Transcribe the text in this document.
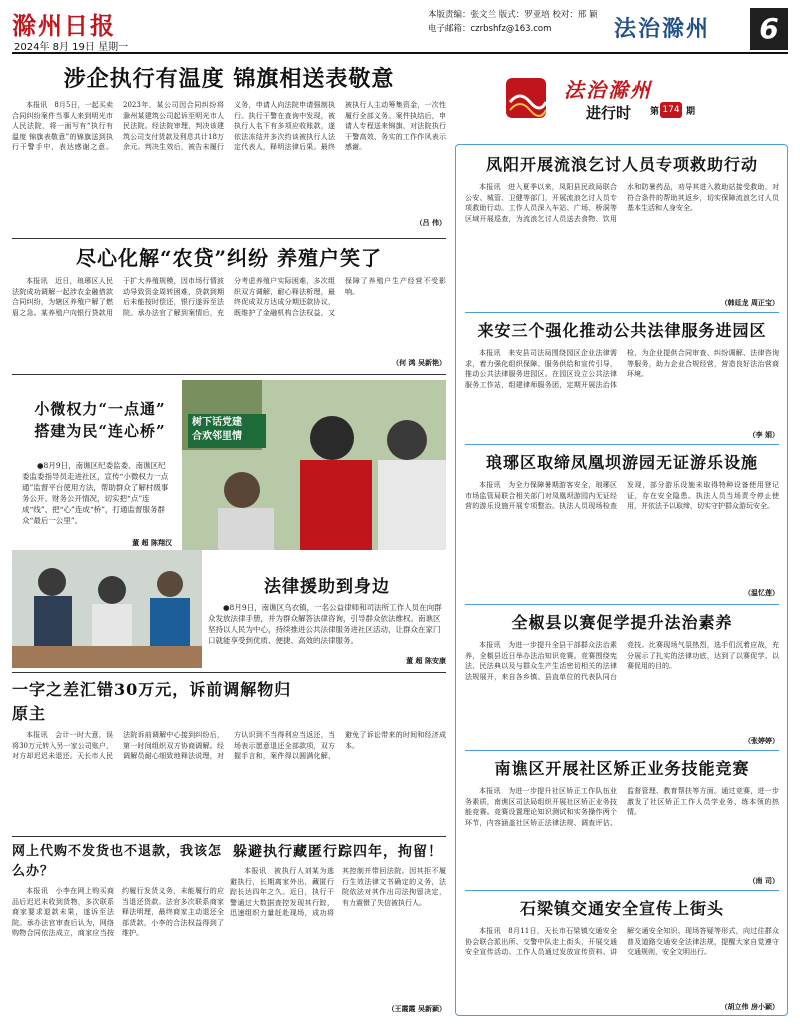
滁州日报
2024年 8月 19日 星期一
本版责编：张文兰 版式：罗亚培 校对：邢 颖
电子邮箱：czrbshfz@163.com	法治滁州	6
涉企执行有温度 锦旗相送表敬意

本报讯　8月5日，一起买卖合同纠纷案件当事人来到明光市人民法院，将一面写有“执行有温度 锦旗表敬意”的锦旗送到执行干警手中，表达感谢之意。2023年，某公司因合同纠纷将滁州某建筑公司起诉至明光市人民法院。经法院审理，判决该建筑公司支付货款及利息共计18万余元。判决生效后，被告未履行义务，申请人向法院申请强制执行。执行干警在查询中发现，被执行人名下有多项应收账款，遂依法冻结并多次约谈被执行人法定代表人，释明法律后果。最终被执行人主动筹集资金，一次性履行全部义务。案件执结后，申请人专程送来锦旗，对法院执行干警高效、务实的工作作风表示感谢。

（吕 伟）
尽心化解“农贷”纠纷 养殖户笑了

本报讯　近日，琅琊区人民法院成功调解一起涉农金融借款合同纠纷，为辖区养殖户解了燃眉之急。某养殖户向银行贷款用于扩大养殖规模，因市场行情波动导致资金周转困难，贷款到期后未能按时偿还，银行遂诉至法院。承办法官了解到案情后，充分考虑养殖户实际困难，多次组织双方调解，耐心释法析理，最终促成双方达成分期还款协议，既维护了金融机构合法权益，又保障了养殖户生产经营不受影响。

（何 鸿 吴新艳）
小微权力“一点通”
搭建为民“连心桥”
●8月9日，南谯区纪委监委、南谯区纪委监委指导员走进社区，宣传“小微权力一点通”监督平台使用方法，帮助群众了解村级事务公开、财务公开情况，切实把“点”连成“线”、把“心”连成“桥”，打通监督服务群众“最后一公里”。
董 超 陈翔汉
树下话党建
合欢邻里情
法律援助到身边
●8月9日，南谯区乌衣镇，一名公益律师和司法所工作人员在向群众发放法律手册，并为群众解答法律咨询，引导群众依法维权。南谯区坚持以人民为中心，持续推进公共法律服务进社区活动，让群众在家门口就能享受到优质、便捷、高效的法律服务。
董 超 陈安康
一字之差汇错30万元，诉前调解物归原主

本报讯　会计一时大意，误将30万元转入另一家公司账户，对方却迟迟未退还。天长市人民法院诉前调解中心接到纠纷后，第一时间组织双方协商调解。经调解员耐心细致地释法说理，对方认识到不当得利应当返还，当场表示愿意退还全部款项，双方握手言和，案件得以圆满化解，避免了诉讼带来的时间和经济成本。

网上代购不发货也不退款，我该怎么办？

本报讯　小李在网上购买商品后迟迟未收到货物，多次联系商家要求退款未果，遂诉至法院。承办法官审查后认为，网络购物合同依法成立，商家应当按约履行发货义务，未能履行的应当退还货款。法官多次联系商家释法明理，最终商家主动退还全部货款，小李的合法权益得到了维护。

躲避执行藏匿行踪四年，拘留！

本报讯　被执行人刘某为逃避执行，长期离家外出，藏匿行踪长达四年之久。近日，执行干警通过大数据查控发现其行踪，迅速组织力量赶赴现场，成功将其控制并带回法院。因其拒不履行生效法律文书确定的义务，法院依法对其作出司法拘留决定，有力震慑了失信被执行人。

（王霞霞 吴新颖）
法治滁州
进行时 第 174 期
凤阳开展流浪乞讨人员专项救助行动

本报讯　进入夏季以来，凤阳县民政局联合公安、城管、卫健等部门，开展流浪乞讨人员专项救助行动。工作人员深入车站、广场、桥洞等区域开展巡查，为流浪乞讨人员送去食物、饮用水和防暑药品，劝导其进入救助站接受救助，对符合条件的帮助其返乡，切实保障流浪乞讨人员基本生活和人身安全。

（韩廷龙 周正宝）
来安三个强化推动公共法律服务进园区

本报讯　来安县司法局围绕园区企业法律需求，着力强化组织保障、服务供给和宣传引导，推动公共法律服务进园区。在园区设立公共法律服务工作站，组建律师服务团，定期开展法治体检，为企业提供合同审查、纠纷调解、法律咨询等服务，助力企业合规经营，营造良好法治营商环境。

（李 娟）
琅琊区取缔凤凰坝游园无证游乐设施

本报讯　为全力保障暑期游客安全，琅琊区市场监管局联合相关部门对凤凰坝游园内无证经营的游乐设施开展专项整治。执法人员现场检查发现，部分游乐设施未取得特种设备使用登记证，存在安全隐患。执法人员当场责令停止使用，并依法予以取缔，切实守护群众游玩安全。

（温忆莲）
全椒县以赛促学提升法治素养

本报讯　为进一步提升全县干部群众法治素养，全椒县近日举办法治知识竞赛。竞赛围绕宪法、民法典以及与群众生产生活密切相关的法律法规展开，来自各乡镇、县直单位的代表队同台竞技。比赛现场气氛热烈，选手们沉着应战，充分展示了扎实的法律功底，达到了以赛促学、以赛促用的目的。

（张婷婷）
南谯区开展社区矫正业务技能竞赛

本报讯　为进一步提升社区矫正工作队伍业务素质，南谯区司法局组织开展社区矫正业务技能竞赛。竞赛设置理论知识测试和实务操作两个环节，内容涵盖社区矫正法律法规、调查评估、监督管理、教育帮扶等方面。通过竞赛，进一步激发了社区矫正工作人员学业务、练本领的热情。

（南 司）
石梁镇交通安全宣传上街头

本报讯　8月11日，天长市石梁镇交通安全协会联合派出所、交警中队走上街头，开展交通安全宣传活动。工作人员通过发放宣传资料、讲解交通安全知识、现场答疑等形式，向过往群众普及道路交通安全法律法规，提醒大家自觉遵守交通规则，安全文明出行。

（胡立伟 房小颖）
